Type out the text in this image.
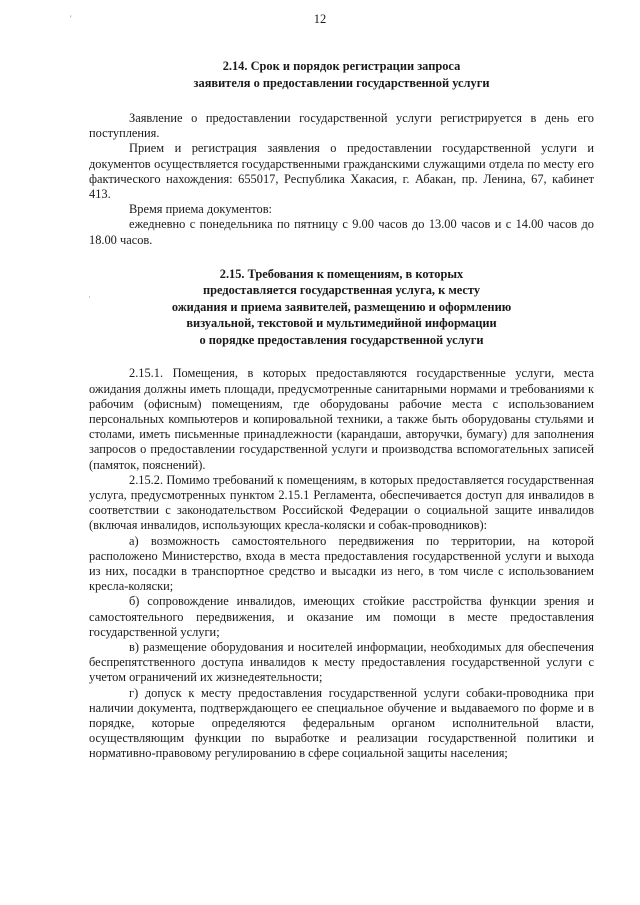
'
·
12
2.14. Срок и порядок регистрации запроса
заявителя о предоставлении государственной услуги

Заявление о предоставлении государственной услуги регистрируется в день его поступления.

Прием и регистрация заявления о предоставлении государственной услуги и документов осуществляется государственными гражданскими служащими отдела по месту его фактического нахождения: 655017, Республика Хакасия, г. Абакан, пр. Ленина, 67, кабинет 413.

Время приема документов:

ежедневно с понедельника по пятницу с 9.00 часов до 13.00 часов и с 14.00 часов до 18.00 часов.

2.15. Требования к помещениям, в которых
предоставляется государственная услуга, к месту
ожидания и приема заявителей, размещению и оформлению
визуальной, текстовой и мультимедийной информации
о порядке предоставления государственной услуги

2.15.1. Помещения, в которых предоставляются государственные услуги, места ожидания должны иметь площади, предусмотренные санитарными нормами и требованиями к рабочим (офисным) помещениям, где оборудованы рабочие места с использованием персональных компьютеров и копировальной техники, а также быть оборудованы стульями и столами, иметь письменные принадлежности (карандаши, авторучки, бумагу) для заполнения запросов о предоставлении государственной услуги и производства вспомогательных записей (памяток, пояснений).

2.15.2. Помимо требований к помещениям, в которых предоставляется государственная услуга, предусмотренных пунктом 2.15.1 Регламента, обеспечивается доступ для инвалидов в соответствии с законодательством Российской Федерации о социальной защите инвалидов (включая инвалидов, использующих кресла-коляски и собак-проводников):

а) возможность самостоятельного передвижения по территории, на которой расположено Министерство, входа в места предоставления государственной услуги и выхода из них, посадки в транспортное средство и высадки из него, в том числе с использованием кресла-коляски;

б) сопровождение инвалидов, имеющих стойкие расстройства функции зрения и самостоятельного передвижения, и оказание им помощи в месте предоставления государственной услуги;

в) размещение оборудования и носителей информации, необходимых для обеспечения беспрепятственного доступа инвалидов к месту предоставления государственной услуги с учетом ограничений их жизнедеятельности;

г) допуск к месту предоставления государственной услуги собаки-проводника при наличии документа, подтверждающего ее специальное обучение и выдаваемого по форме и в порядке, которые определяются федеральным органом исполнительной власти, осуществляющим функции по выработке и реализации государственной политики и нормативно-правовому регулированию в сфере социальной защиты населения;
